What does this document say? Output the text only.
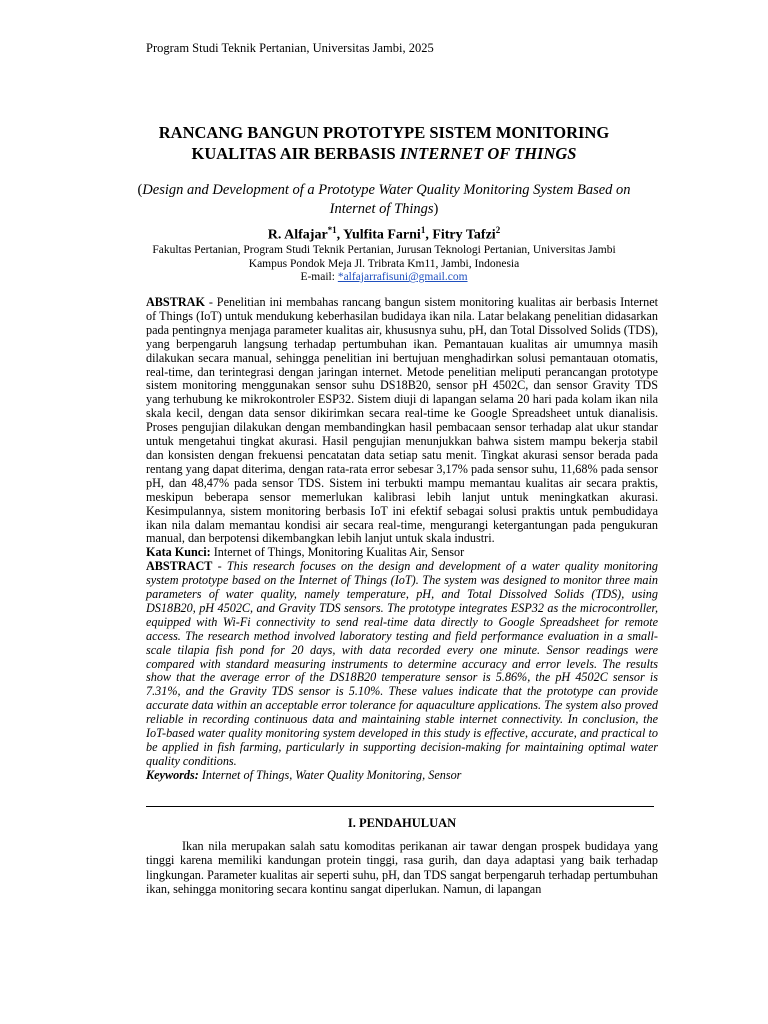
Program Studi Teknik Pertanian, Universitas Jambi, 2025
RANCANG BANGUN PROTOTYPE SISTEM MONITORING
KUALITAS AIR BERBASIS INTERNET OF THINGS
(Design and Development of a Prototype Water Quality Monitoring System Based on Internet of Things)
R. Alfajar$^{*1}$, Yulfita Farni$^1$, Fitry Tafzi$^2$
Fakultas Pertanian, Program Studi Teknik Pertanian, Jurusan Teknologi Pertanian, Universitas Jambi
Kampus Pondok Meja Jl. Tribrata Km11, Jambi, Indonesia
E-mail: *alfajarrafisuni@gmail.com

ABSTRAK - Penelitian ini membahas rancang bangun sistem monitoring kualitas air berbasis Internet of Things (IoT) untuk mendukung keberhasilan budidaya ikan nila. Latar belakang penelitian didasarkan pada pentingnya menjaga parameter kualitas air, khususnya suhu, pH, dan Total Dissolved Solids (TDS), yang berpengaruh langsung terhadap pertumbuhan ikan. Pemantauan kualitas air umumnya masih dilakukan secara manual, sehingga penelitian ini bertujuan menghadirkan solusi pemantauan otomatis, real-time, dan terintegrasi dengan jaringan internet. Metode penelitian meliputi perancangan prototype sistem monitoring menggunakan sensor suhu DS18B20, sensor pH 4502C, dan sensor Gravity TDS yang terhubung ke mikrokontroler ESP32. Sistem diuji di lapangan selama 20 hari pada kolam ikan nila skala kecil, dengan data sensor dikirimkan secara real-time ke Google Spreadsheet untuk dianalisis. Proses pengujian dilakukan dengan membandingkan hasil pembacaan sensor terhadap alat ukur standar untuk mengetahui tingkat akurasi. Hasil pengujian menunjukkan bahwa sistem mampu bekerja stabil dan konsisten dengan frekuensi pencatatan data setiap satu menit. Tingkat akurasi sensor berada pada rentang yang dapat diterima, dengan rata-rata error sebesar 3,17% pada sensor suhu, 11,68% pada sensor pH, dan 48,47% pada sensor TDS. Sistem ini terbukti mampu memantau kualitas air secara praktis, meskipun beberapa sensor memerlukan kalibrasi lebih lanjut untuk meningkatkan akurasi. Kesimpulannya, sistem monitoring berbasis IoT ini efektif sebagai solusi praktis untuk pembudidaya ikan nila dalam memantau kondisi air secara real-time, mengurangi ketergantungan pada pengukuran manual, dan berpotensi dikembangkan lebih lanjut untuk skala industri.

Kata Kunci: Internet of Things, Monitoring Kualitas Air, Sensor

ABSTRACT - This research focuses on the design and development of a water quality monitoring system prototype based on the Internet of Things (IoT). The system was designed to monitor three main parameters of water quality, namely temperature, pH, and Total Dissolved Solids (TDS), using DS18B20, pH 4502C, and Gravity TDS sensors. The prototype integrates ESP32 as the microcontroller, equipped with Wi-Fi connectivity to send real-time data directly to Google Spreadsheet for remote access. The research method involved laboratory testing and field performance evaluation in a small-scale tilapia fish pond for 20 days, with data recorded every one minute. Sensor readings were compared with standard measuring instruments to determine accuracy and error levels. The results show that the average error of the DS18B20 temperature sensor is 5.86%, the pH 4502C sensor is 7.31%, and the Gravity TDS sensor is 5.10%. These values indicate that the prototype can provide accurate data within an acceptable error tolerance for aquaculture applications. The system also proved reliable in recording continuous data and maintaining stable internet connectivity. In conclusion, the IoT-based water quality monitoring system developed in this study is effective, accurate, and practical to be applied in fish farming, particularly in supporting decision-making for maintaining optimal water quality conditions.

Keywords: Internet of Things, Water Quality Monitoring, Sensor

I. PENDAHULUAN

Ikan nila merupakan salah satu komoditas perikanan air tawar dengan prospek budidaya yang tinggi karena memiliki kandungan protein tinggi, rasa gurih, dan daya adaptasi yang baik terhadap lingkungan. Parameter kualitas air seperti suhu, pH, dan TDS sangat berpengaruh terhadap pertumbuhan ikan, sehingga monitoring secara kontinu sangat diperlukan. Namun, di lapangan
